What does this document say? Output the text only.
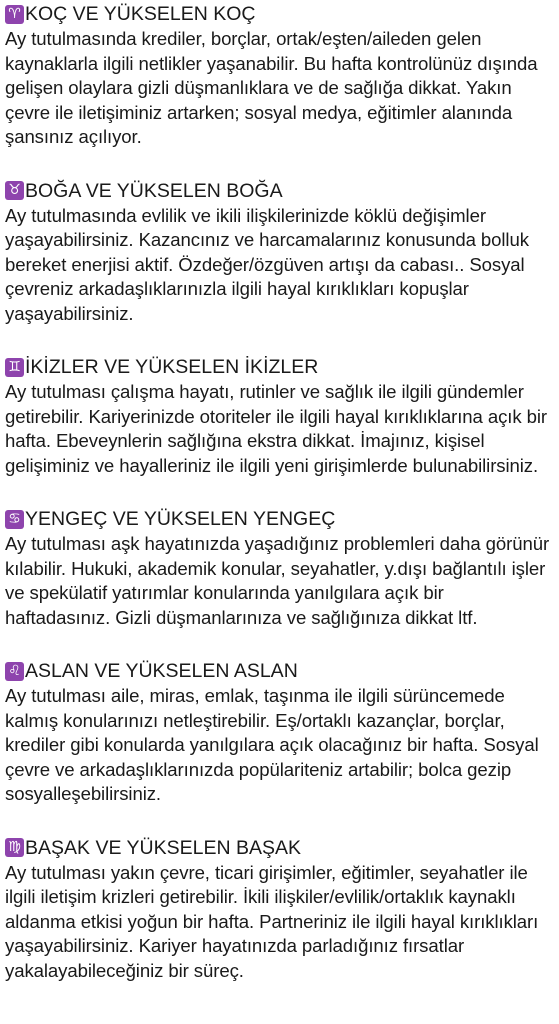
♈ KOÇ VE YÜKSELEN KOÇ
Ay tutulmasında krediler, borçlar, ortak/eşten/aileden gelen kaynaklarla ilgili netlikler yaşanabilir. Bu hafta kontrolünüz dışında gelişen olaylara gizli düşmanlıklara ve de sağlığa dikkat. Yakın çevre ile iletişiminiz artarken; sosyal medya, eğitimler alanında şansınız açılıyor.
♉ BOĞA VE YÜKSELEN BOĞA
Ay tutulmasında evlilik ve ikili ilişkilerinizde köklü değişimler yaşayabilirsiniz. Kazancınız ve harcamalarınız konusunda bolluk bereket enerjisi aktif. Özdeğer/özgüven artışı da cabası.. Sosyal çevreniz arkadaşlıklarınızla ilgili hayal kırıklıkları kopuşlar yaşayabilirsiniz.
♊ İKİZLER VE YÜKSELEN İKİZLER
Ay tutulması çalışma hayatı, rutinler ve sağlık ile ilgili gündemler getirebilir. Kariyerinizde otoriteler ile ilgili hayal kırıklıklarına açık bir hafta. Ebeveynlerin sağlığına ekstra dikkat. İmajınız, kişisel gelişiminiz ve hayalleriniz ile ilgili yeni girişimlerde bulunabilirsiniz.
♋ YENGEÇ VE YÜKSELEN YENGEÇ
Ay tutulması aşk hayatınızda yaşadığınız problemleri daha görünür kılabilir. Hukuki, akademik konular, seyahatler, y.dışı bağlantılı işler ve spekülatif yatırımlar konularında yanılgılara açık bir haftadasınız. Gizli düşmanlarınıza ve sağlığınıza dikkat ltf.
♌ ASLAN VE YÜKSELEN ASLAN
Ay tutulması aile, miras, emlak, taşınma ile ilgili sürüncemede kalmış konularınızı netleştirebilir. Eş/ortaklı kazançlar, borçlar, krediler gibi konularda yanılgılara açık olacağınız bir hafta. Sosyal çevre ve arkadaşlıklarınızda popülariteniz artabilir; bolca gezip sosyalleşebilirsiniz.
♍ BAŞAK VE YÜKSELEN BAŞAK
Ay tutulması yakın çevre, ticari girişimler, eğitimler, seyahatler ile ilgili iletişim krizleri getirebilir. İkili ilişkiler/evlilik/ortaklık kaynaklı aldanma etkisi yoğun bir hafta. Partneriniz ile ilgili hayal kırıklıkları yaşayabilirsiniz. Kariyer hayatınızda parladığınız fırsatlar yakalayabileceğiniz bir süreç.
